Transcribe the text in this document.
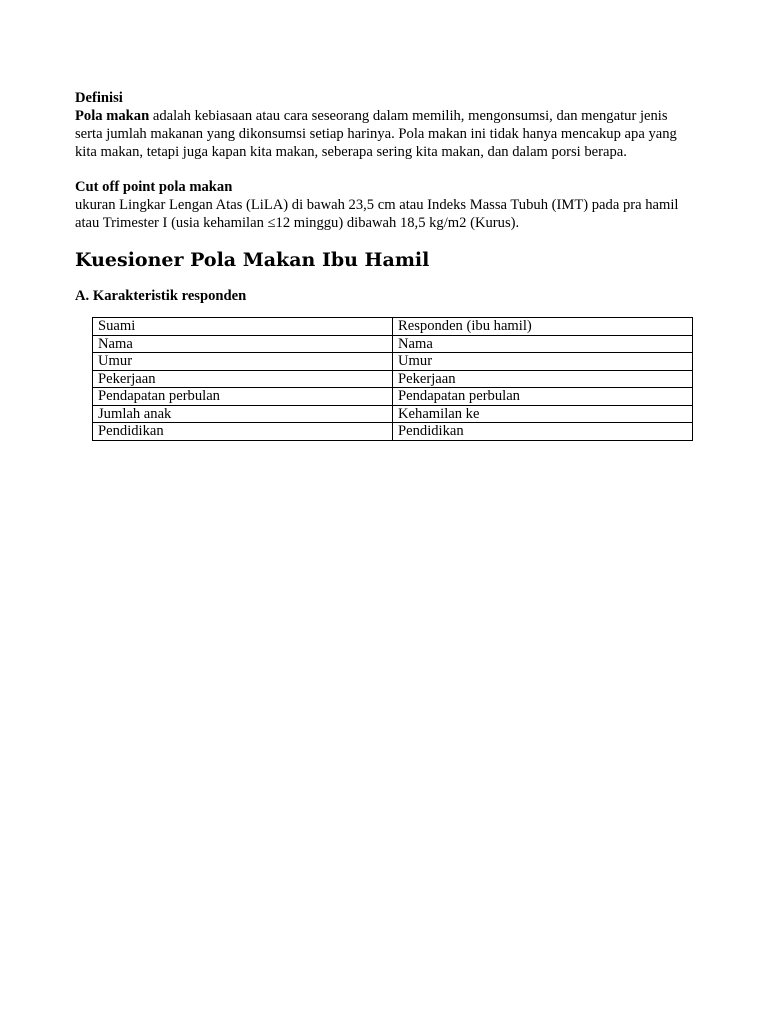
Definisi

Pola makan adalah kebiasaan atau cara seseorang dalam memilih, mengonsumsi, dan mengatur jenis serta jumlah makanan yang dikonsumsi setiap harinya. Pola makan ini tidak hanya mencakup apa yang kita makan, tetapi juga kapan kita makan, seberapa sering kita makan, dan dalam porsi berapa.

Cut off point pola makan

ukuran Lingkar Lengan Atas (LiLA) di bawah 23,5 cm atau Indeks Massa Tubuh (IMT) pada pra hamil atau Trimester I (usia kehamilan ≤12 minggu) dibawah 18,5 kg/m2 (Kurus).

Kuesioner Pola Makan Ibu Hamil

A. Karakteristik responden

Suami	Responden (ibu hamil)
Nama	Nama
Umur	Umur
Pekerjaan	Pekerjaan
Pendapatan perbulan	Pendapatan perbulan
Jumlah anak	Kehamilan ke
Pendidikan	Pendidikan
